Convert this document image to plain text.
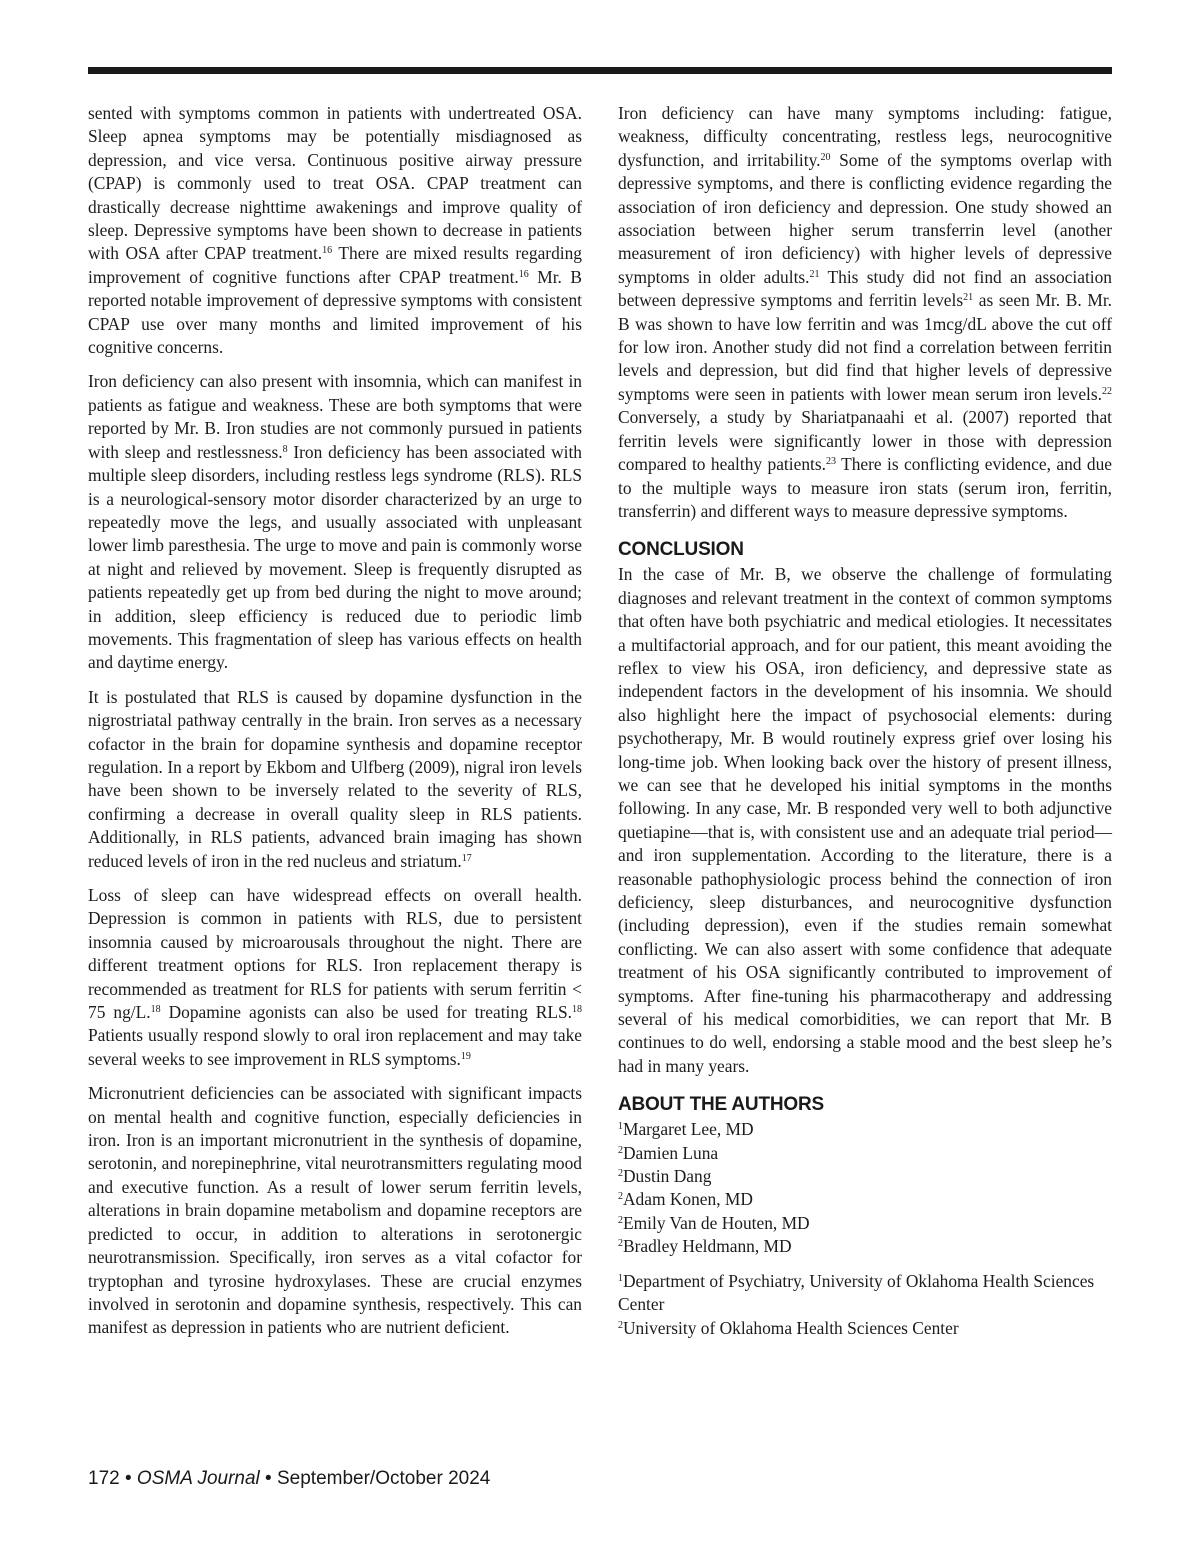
sented with symptoms common in patients with undertreated OSA. Sleep apnea symptoms may be potentially misdiagnosed as depression, and vice versa. Continuous positive airway pressure (CPAP) is commonly used to treat OSA. CPAP treatment can drastically decrease nighttime awakenings and improve quality of sleep. Depressive symptoms have been shown to decrease in patients with OSA after CPAP treatment.$^{16}$ There are mixed results regarding improvement of cognitive functions after CPAP treatment.$^{16}$ Mr. B reported notable improvement of depressive symptoms with consistent CPAP use over many months and limited improvement of his cognitive concerns.

Iron deficiency can also present with insomnia, which can manifest in patients as fatigue and weakness. These are both symptoms that were reported by Mr. B. Iron studies are not commonly pursued in patients with sleep and restlessness.$^8$ Iron deficiency has been associated with multiple sleep disorders, including restless legs syndrome (RLS). RLS is a neurological-sensory motor disorder characterized by an urge to repeatedly move the legs, and usually associated with unpleasant lower limb paresthesia. The urge to move and pain is commonly worse at night and relieved by movement. Sleep is frequently disrupted as patients repeatedly get up from bed during the night to move around; in addition, sleep efficiency is reduced due to periodic limb movements. This fragmentation of sleep has various effects on health and daytime energy.

It is postulated that RLS is caused by dopamine dysfunction in the nigrostriatal pathway centrally in the brain. Iron serves as a necessary cofactor in the brain for dopamine synthesis and dopamine receptor regulation. In a report by Ekbom and Ulfberg (2009), nigral iron levels have been shown to be inversely related to the severity of RLS, confirming a decrease in overall quality sleep in RLS patients. Additionally, in RLS patients, advanced brain imaging has shown reduced levels of iron in the red nucleus and striatum.$^{17}$

Loss of sleep can have widespread effects on overall health. Depression is common in patients with RLS, due to persistent insomnia caused by microarousals throughout the night. There are different treatment options for RLS. Iron replacement therapy is recommended as treatment for RLS for patients with serum ferritin < 75 ng/L.$^{18}$ Dopamine agonists can also be used for treating RLS.$^{18}$ Patients usually respond slowly to oral iron replacement and may take several weeks to see improvement in RLS symptoms.$^{19}$

Micronutrient deficiencies can be associated with significant impacts on mental health and cognitive function, especially deficiencies in iron. Iron is an important micronutrient in the synthesis of dopamine, serotonin, and norepinephrine, vital neurotransmitters regulating mood and executive function. As a result of lower serum ferritin levels, alterations in brain dopamine metabolism and dopamine receptors are predicted to occur, in addition to alterations in serotonergic neurotransmission. Specifically, iron serves as a vital cofactor for tryptophan and tyrosine hydroxylases. These are crucial enzymes involved in serotonin and dopamine synthesis, respectively. This can manifest as depression in patients who are nutrient deficient.

Iron deficiency can have many symptoms including: fatigue, weakness, difficulty concentrating, restless legs, neurocognitive dysfunction, and irritability.$^{20}$ Some of the symptoms overlap with depressive symptoms, and there is conflicting evidence regarding the association of iron deficiency and depression. One study showed an association between higher serum transferrin level (another measurement of iron deficiency) with higher levels of depressive symptoms in older adults.$^{21}$ This study did not find an association between depressive symptoms and ferritin levels$^{21}$ as seen Mr. B. Mr. B was shown to have low ferritin and was 1mcg/dL above the cut off for low iron. Another study did not find a correlation between ferritin levels and depression, but did find that higher levels of depressive symptoms were seen in patients with lower mean serum iron levels.$^{22}$ Conversely, a study by Shariatpanaahi et al. (2007) reported that ferritin levels were significantly lower in those with depression compared to healthy patients.$^{23}$ There is conflicting evidence, and due to the multiple ways to measure iron stats (serum iron, ferritin, transferrin) and different ways to measure depressive symptoms.

CONCLUSION

In the case of Mr. B, we observe the challenge of formulating diagnoses and relevant treatment in the context of common symptoms that often have both psychiatric and medical etiologies. It necessitates a multifactorial approach, and for our patient, this meant avoiding the reflex to view his OSA, iron deficiency, and depressive state as independent factors in the development of his insomnia. We should also highlight here the impact of psychosocial elements: during psychotherapy, Mr. B would routinely express grief over losing his long-time job. When looking back over the history of present illness, we can see that he developed his initial symptoms in the months following. In any case, Mr. B responded very well to both adjunctive quetiapine—that is, with consistent use and an adequate trial period—and iron supplementation. According to the literature, there is a reasonable pathophysiologic process behind the connection of iron deficiency, sleep disturbances, and neurocognitive dysfunction (including depression), even if the studies remain somewhat conflicting. We can also assert with some confidence that adequate treatment of his OSA significantly contributed to improvement of symptoms. After fine-tuning his pharmacotherapy and addressing several of his medical comorbidities, we can report that Mr. B continues to do well, endorsing a stable mood and the best sleep he’s had in many years.

ABOUT THE AUTHORS
$^1$Margaret Lee, MD
$^2$Damien Luna
$^2$Dustin Dang
$^2$Adam Konen, MD
$^2$Emily Van de Houten, MD
$^2$Bradley Heldmann, MD
$^1$Department of Psychiatry, University of Oklahoma Health Sciences Center
$^2$University of Oklahoma Health Sciences Center
172 • OSMA Journal • September/October 2024
